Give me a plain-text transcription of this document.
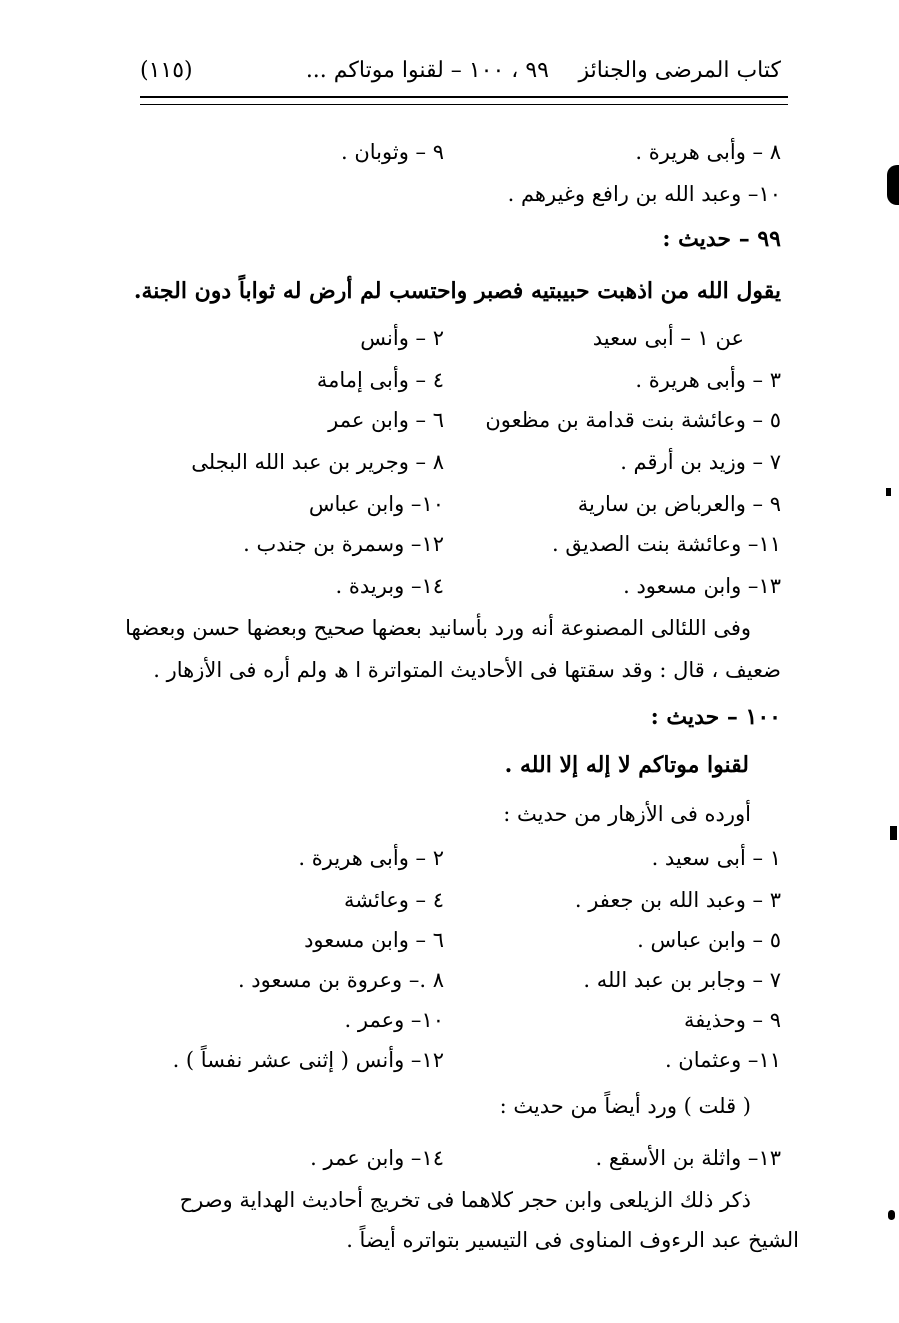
كتاب المرضى والجنائز
٩٩ ، ١٠٠ – لقنوا موتاكم ...
(١١٥)
٨ – وأبى هريرة .
٩ – وثوبان .
١٠– وعبد الله بن رافع وغيرهم .
٩٩ – حديث :
يقول الله من اذهبت حبيبتيه فصبر واحتسب لم أرض له ثواباً دون الجنة.
عن ١ – أبى سعيد
٢ – وأنس
٣ – وأبى هريرة .
٤ – وأبى إمامة
٥ – وعائشة بنت قدامة بن مظعون
٦ – وابن عمر
٧ – وزيد بن أرقم .
٨ – وجرير بن عبد الله البجلى
٩ – والعرباض بن سارية
١٠– وابن عباس
١١– وعائشة بنت الصديق .
١٢– وسمرة بن جندب .
١٣– وابن مسعود .
١٤– وبريدة .
وفى اللئالى المصنوعة أنه ورد بأسانيد بعضها صحيح وبعضها حسن وبعضها
ضعيف ، قال : وقد سقتها فى الأحاديث المتواترة ا ھ ولم أره فى الأزهار .
١٠٠ – حديث :
لقنوا موتاكم لا إله إلا الله .
أورده فى الأزهار من حديث :
١ – أبى سعيد .
٢ – وأبى هريرة .
٣ – وعبد الله بن جعفر .
٤ – وعائشة
٥ – وابن عباس .
٦ – وابن مسعود
٧ – وجابر بن عبد الله .
٨ .– وعروة بن مسعود .
٩ – وحذيفة
١٠– وعمر .
١١– وعثمان .
١٢– وأنس ( إثنى عشر نفساً ) .
( قلت ) ورد أيضاً من حديث :
١٣– واثلة بن الأسقع .
١٤– وابن عمر .
ذكر ذلك الزيلعى وابن حجر كلاهما فى تخريج أحاديث الهداية وصرح
الشيخ عبد الرءوف المناوى فى التيسير بتواتره أيضاً .
